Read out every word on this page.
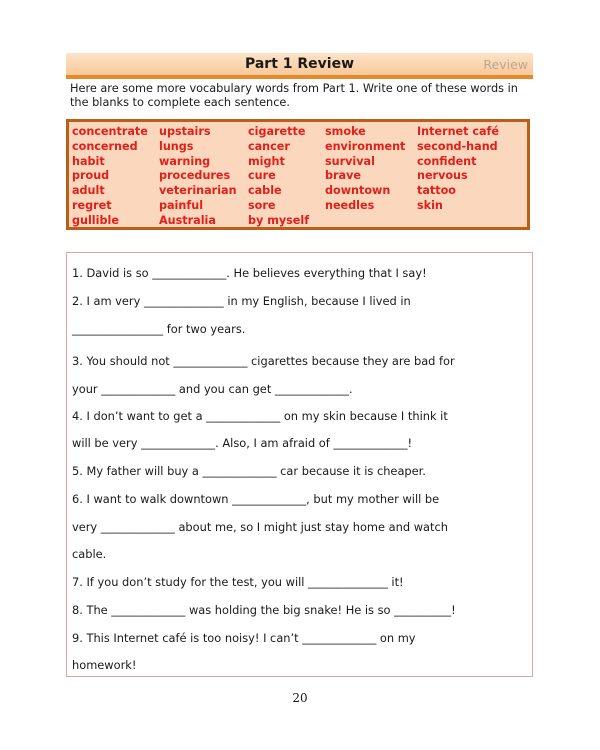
Part 1 Review	Review
Here are some more vocabulary words from Part 1. Write one of these words in the blanks to complete each sentence.
concentrate
concerned
habit
proud
adult
regret
gullible
upstairs
lungs
warning
procedures
veterinarian
painful
Australia
cigarette
cancer
might
cure
cable
sore
by myself
smoke
environment
survival
brave
downtown
needles
Internet café
second-hand
confident
nervous
tattoo
skin
1. David is so _____________. He believes everything that I say!
2. I am very ______________ in my English, because I lived in
________________ for two years.
3. You should not _____________ cigarettes because they are bad for
your _____________ and you can get _____________.
4. I don’t want to get a _____________ on my skin because I think it
will be very _____________. Also, I am afraid of _____________!
5. My father will buy a _____________ car because it is cheaper.
6. I want to walk downtown _____________, but my mother will be
very _____________ about me, so I might just stay home and watch
cable.
7. If you don’t study for the test, you will ______________ it!
8. The _____________ was holding the big snake! He is so __________!
9. This Internet café is too noisy! I can’t _____________ on my
homework!
20
